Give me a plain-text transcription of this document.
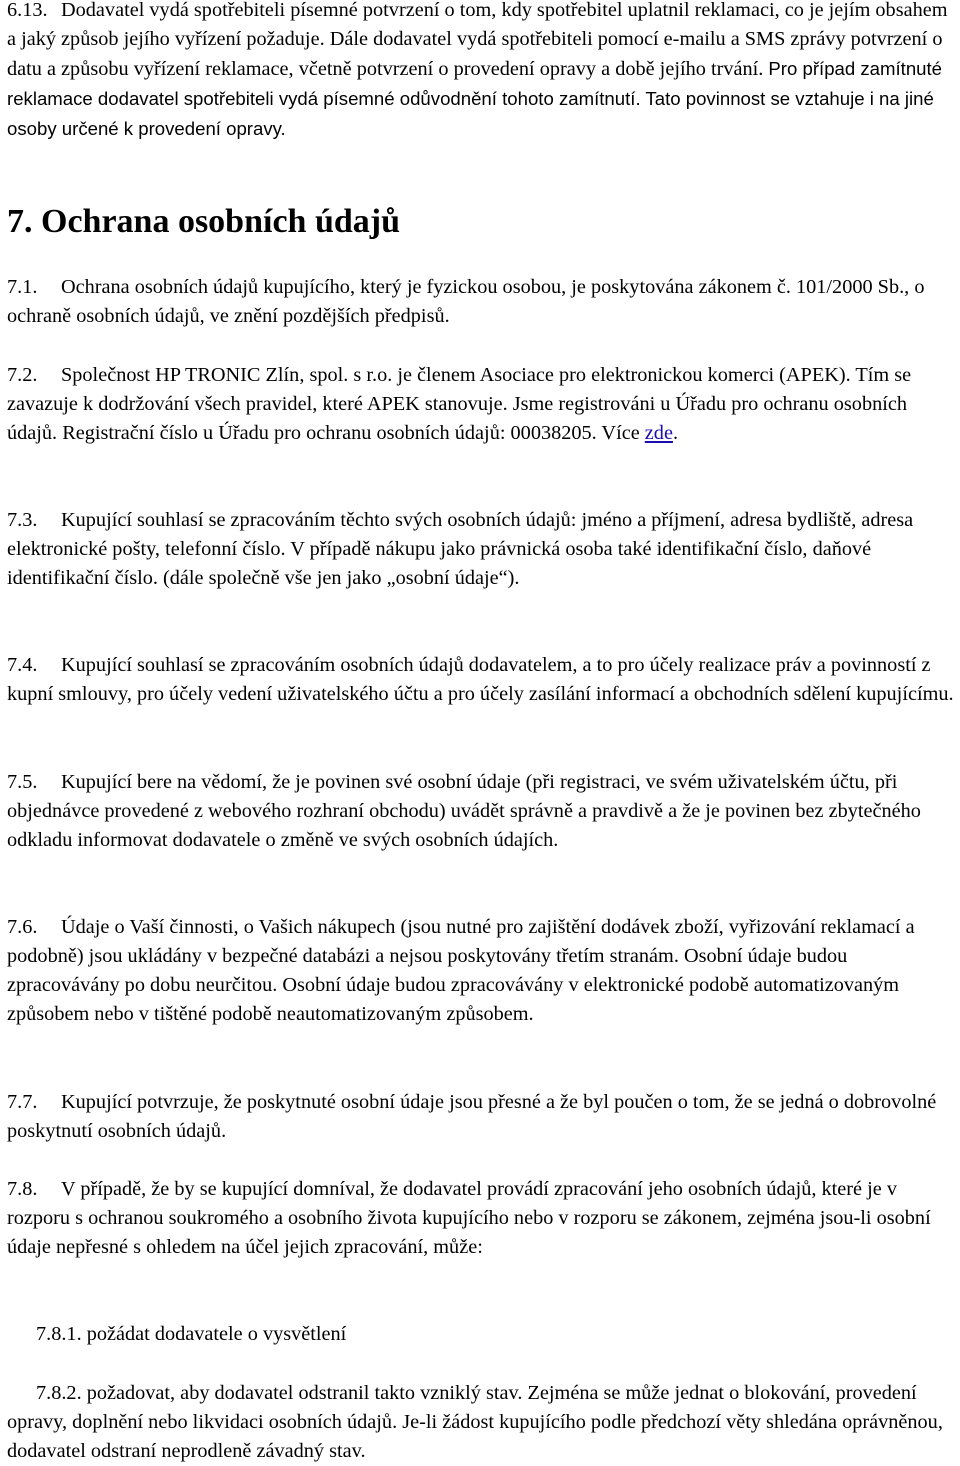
6.13. Dodavatel vydá spotřebiteli písemné potvrzení o tom, kdy spotřebitel uplatnil reklamaci, co je jejím obsahem a jaký způsob jejího vyřízení požaduje. Dále dodavatel vydá spotřebiteli pomocí e-mailu a SMS zprávy potvrzení o datu a způsobu vyřízení reklamace, včetně potvrzení o provedení opravy a době jejího trvání. Pro případ zamítnuté reklamace dodavatel spotřebiteli vydá písemné odůvodnění tohoto zamítnutí. Tato povinnost se vztahuje i na jiné osoby určené k provedení opravy.

7. Ochrana osobních údajů

7.1. Ochrana osobních údajů kupujícího, který je fyzickou osobou, je poskytována zákonem č. 101/2000 Sb., o ochraně osobních údajů, ve znění pozdějších předpisů.

7.2. Společnost HP TRONIC Zlín, spol. s r.o. je členem Asociace pro elektronickou komerci (APEK). Tím se zavazuje k dodržování všech pravidel, které APEK stanovuje. Jsme registrováni u Úřadu pro ochranu osobních údajů. Registrační číslo u Úřadu pro ochranu osobních údajů: 00038205. Více zde.

7.3. Kupující souhlasí se zpracováním těchto svých osobních údajů: jméno a příjmení, adresa bydliště, adresa elektronické pošty, telefonní číslo. V případě nákupu jako právnická osoba také identifikační číslo, daňové identifikační číslo. (dále společně vše jen jako „osobní údaje“).

7.4. Kupující souhlasí se zpracováním osobních údajů dodavatelem, a to pro účely realizace práv a povinností z kupní smlouvy, pro účely vedení uživatelského účtu a pro účely zasílání informací a obchodních sdělení kupujícímu.

7.5. Kupující bere na vědomí, že je povinen své osobní údaje (při registraci, ve svém uživatelském účtu, při objednávce provedené z webového rozhraní obchodu) uvádět správně a pravdivě a že je povinen bez zbytečného odkladu informovat dodavatele o změně ve svých osobních údajích.

7.6. Údaje o Vaší činnosti, o Vašich nákupech (jsou nutné pro zajištění dodávek zboží, vyřizování reklamací a podobně) jsou ukládány v bezpečné databázi a nejsou poskytovány třetím stranám. Osobní údaje budou zpracovávány po dobu neurčitou. Osobní údaje budou zpracovávány v elektronické podobě automatizovaným způsobem nebo v tištěné podobě neautomatizovaným způsobem.

7.7. Kupující potvrzuje, že poskytnuté osobní údaje jsou přesné a že byl poučen o tom, že se jedná o dobrovolné poskytnutí osobních údajů.

7.8. V případě, že by se kupující domníval, že dodavatel provádí zpracování jeho osobních údajů, které je v rozporu s ochranou soukromého a osobního života kupujícího nebo v rozporu se zákonem, zejména jsou-li osobní údaje nepřesné s ohledem na účel jejich zpracování, může:

7.8.1. požádat dodavatele o vysvětlení

7.8.2. požadovat, aby dodavatel odstranil takto vzniklý stav. Zejména se může jednat o blokování, provedení opravy, doplnění nebo likvidaci osobních údajů. Je-li žádost kupujícího podle předchozí věty shledána oprávněnou, dodavatel odstraní neprodleně závadný stav.
